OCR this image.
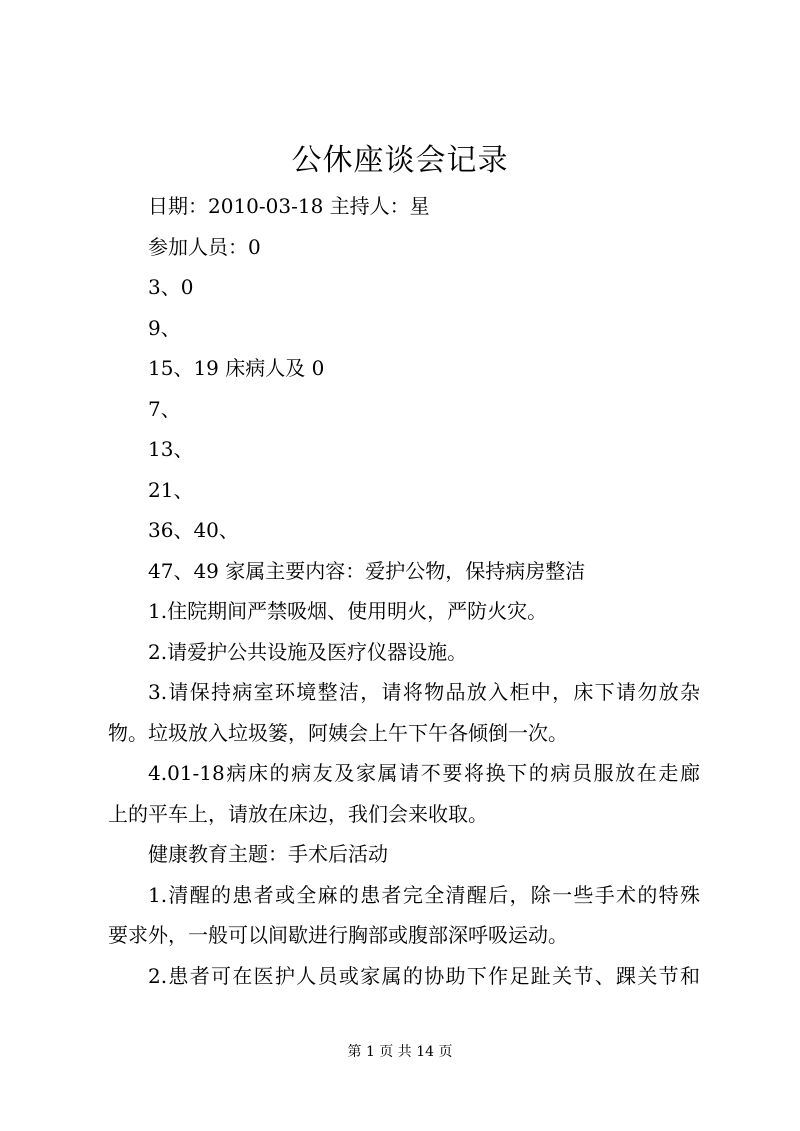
公休座谈会记录
日期：2010-03-18 主持人：星
参加人员：0
3、0
9、
15、19 床病人及 0
7、
13、
21、
36、40、
47、49 家属主要内容：爱护公物，保持病房整洁
1.住院期间严禁吸烟、使用明火，严防火灾。
2.请爱护公共设施及医疗仪器设施。
3.请保持病室环境整洁，请将物品放入柜中，床下请勿放杂
物。垃圾放入垃圾篓，阿姨会上午下午各倾倒一次。
4.01-18病床的病友及家属请不要将换下的病员服放在走廊
上的平车上，请放在床边，我们会来收取。
健康教育主题：手术后活动
1.清醒的患者或全麻的患者完全清醒后，除一些手术的特殊
要求外，一般可以间歇进行胸部或腹部深呼吸运动。
2.患者可在医护人员或家属的协助下作足趾关节、踝关节和
第 1 页 共 14 页
